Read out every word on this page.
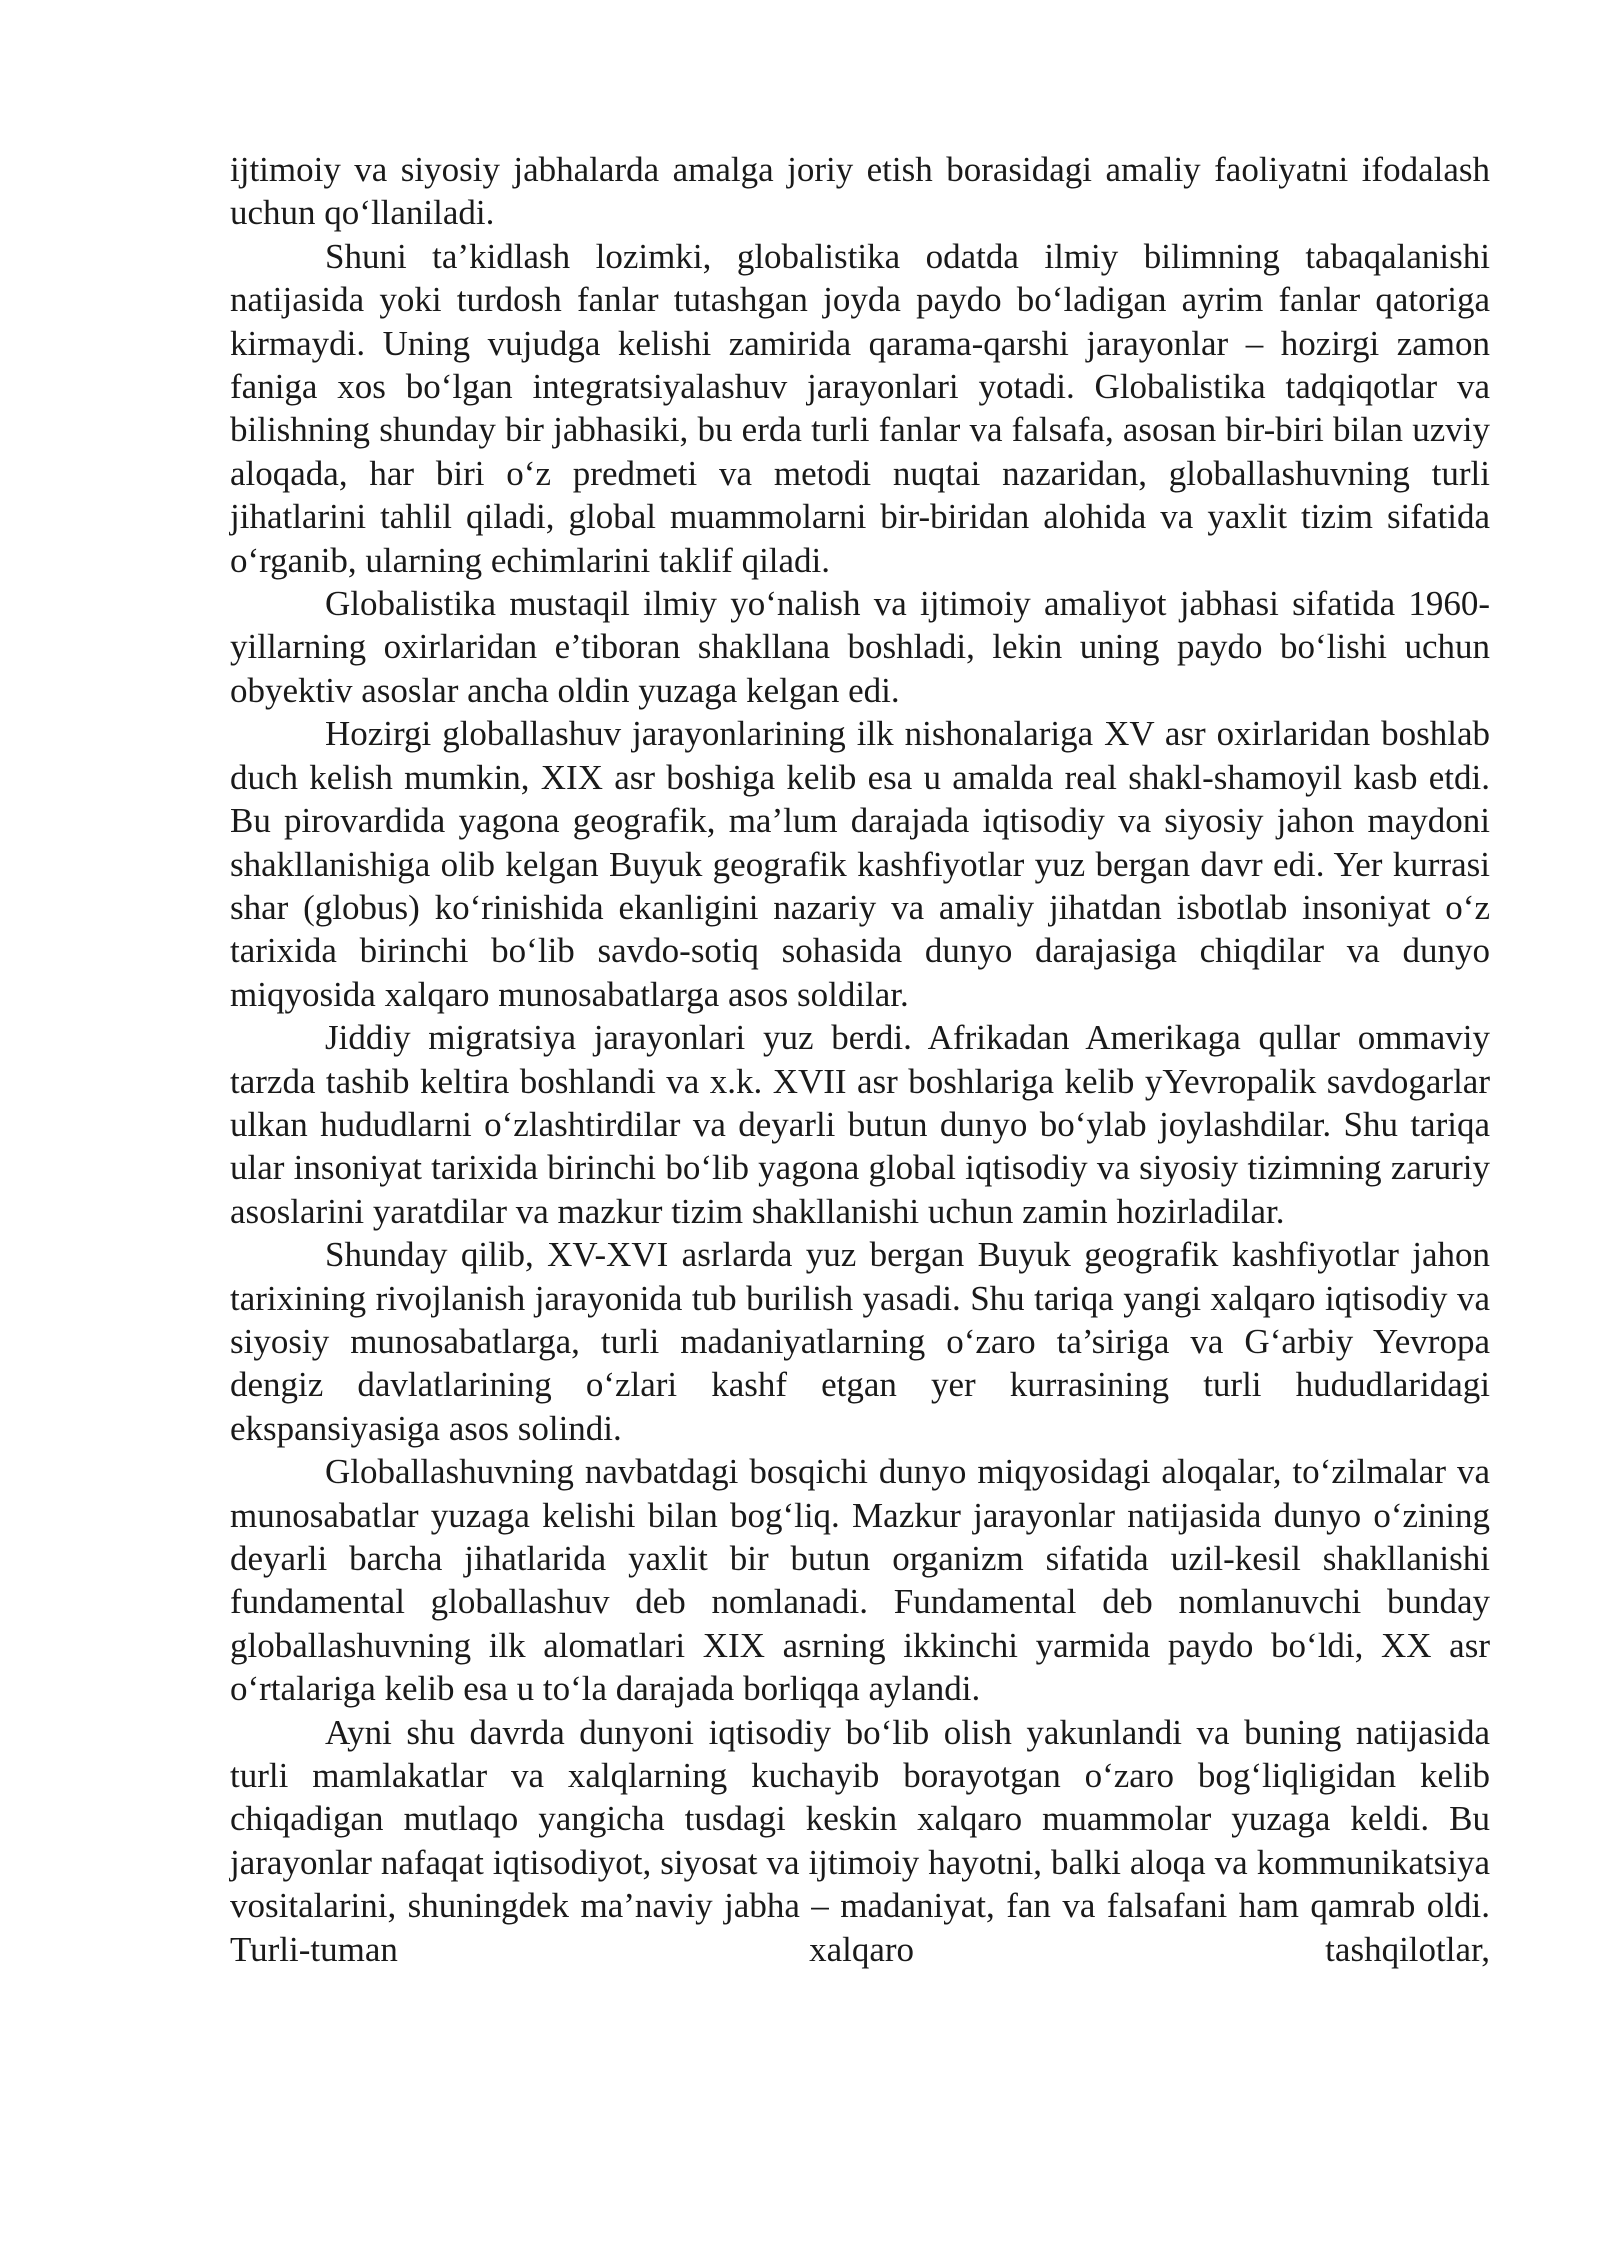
ijtimoiy va siyosiy jabhalarda amalga joriy etish borasidagi amaliy faoliyatni ifodalash uchun qo‘llaniladi.

Shuni ta’kidlash lozimki, globalistika odatda ilmiy bilimning tabaqalanishi natijasida yoki turdosh fanlar tutashgan joyda paydo bo‘ladigan ayrim fanlar qatoriga kirmaydi. Uning vujudga kelishi zamirida qarama-qarshi jarayonlar – hozirgi zamon faniga xos bo‘lgan integratsiyalashuv jarayonlari yotadi. Globalistika tadqiqotlar va bilishning shunday bir jabhasiki, bu erda turli fanlar va falsafa, asosan bir-biri bilan uzviy aloqada, har biri o‘z predmeti va metodi nuqtai nazaridan, globallashuvning turli jihatlarini tahlil qiladi, global muammolarni bir-biridan alohida va yaxlit tizim sifatida o‘rganib, ularning echimlarini taklif qiladi.

Globalistika mustaqil ilmiy yo‘nalish va ijtimoiy amaliyot jabhasi sifatida 1960-yillarning oxirlaridan e’tiboran shakllana boshladi, lekin uning paydo bo‘lishi uchun obyektiv asoslar ancha oldin yuzaga kelgan edi.

Hozirgi globallashuv jarayonlarining ilk nishonalariga XV asr oxirlaridan boshlab duch kelish mumkin, XIX asr boshiga kelib esa u amalda real shakl-shamoyil kasb etdi. Bu pirovardida yagona geografik, ma’lum darajada iqtisodiy va siyosiy jahon maydoni shakllanishiga olib kelgan Buyuk geografik kashfiyotlar yuz bergan davr edi. Yer kurrasi shar (globus) ko‘rinishida ekanligini nazariy va amaliy jihatdan isbotlab insoniyat o‘z tarixida birinchi bo‘lib savdo-sotiq sohasida dunyo darajasiga chiqdilar va dunyo miqyosida xalqaro munosabatlarga asos soldilar.

Jiddiy migratsiya jarayonlari yuz berdi. Afrikadan Amerikaga qullar ommaviy tarzda tashib keltira boshlandi va x.k. XVII asr boshlariga kelib yYevropalik savdogarlar ulkan hududlarni o‘zlashtirdilar va deyarli butun dunyo bo‘ylab joylashdilar. Shu tariqa ular insoniyat tarixida birinchi bo‘lib yagona global iqtisodiy va siyosiy tizimning zaruriy asoslarini yaratdilar va mazkur tizim shakllanishi uchun zamin hozirladilar.

Shunday qilib, XV-XVI asrlarda yuz bergan Buyuk geografik kashfiyotlar jahon tarixining rivojlanish jarayonida tub burilish yasadi. Shu tariqa yangi xalqaro iqtisodiy va siyosiy munosabatlarga, turli madaniyatlarning o‘zaro ta’siriga va G‘arbiy Yevropa dengiz davlatlarining o‘zlari kashf etgan yer kurrasining turli hududlaridagi ekspansiyasiga asos solindi.

Globallashuvning navbatdagi bosqichi dunyo miqyosidagi aloqalar, to‘zilmalar va munosabatlar yuzaga kelishi bilan bog‘liq. Mazkur jarayonlar natijasida dunyo o‘zining deyarli barcha jihatlarida yaxlit bir butun organizm sifatida uzil-kesil shakllanishi fundamental globallashuv deb nomlanadi. Fundamental deb nomlanuvchi bunday globallashuvning ilk alomatlari XIX asrning ikkinchi yarmida paydo bo‘ldi, XX asr o‘rtalariga kelib esa u to‘la darajada borliqqa aylandi.

Ayni shu davrda dunyoni iqtisodiy bo‘lib olish yakunlandi va buning natijasida turli mamlakatlar va xalqlarning kuchayib borayotgan o‘zaro bog‘liqligidan kelib chiqadigan mutlaqo yangicha tusdagi keskin xalqaro muammolar yuzaga keldi. Bu jarayonlar nafaqat iqtisodiyot, siyosat va ijtimoiy hayotni, balki aloqa va kommunikatsiya vositalarini, shuningdek ma’naviy jabha – madaniyat, fan va falsafani ham qamrab oldi. Turli-tuman xalqaro tashqilotlar,
